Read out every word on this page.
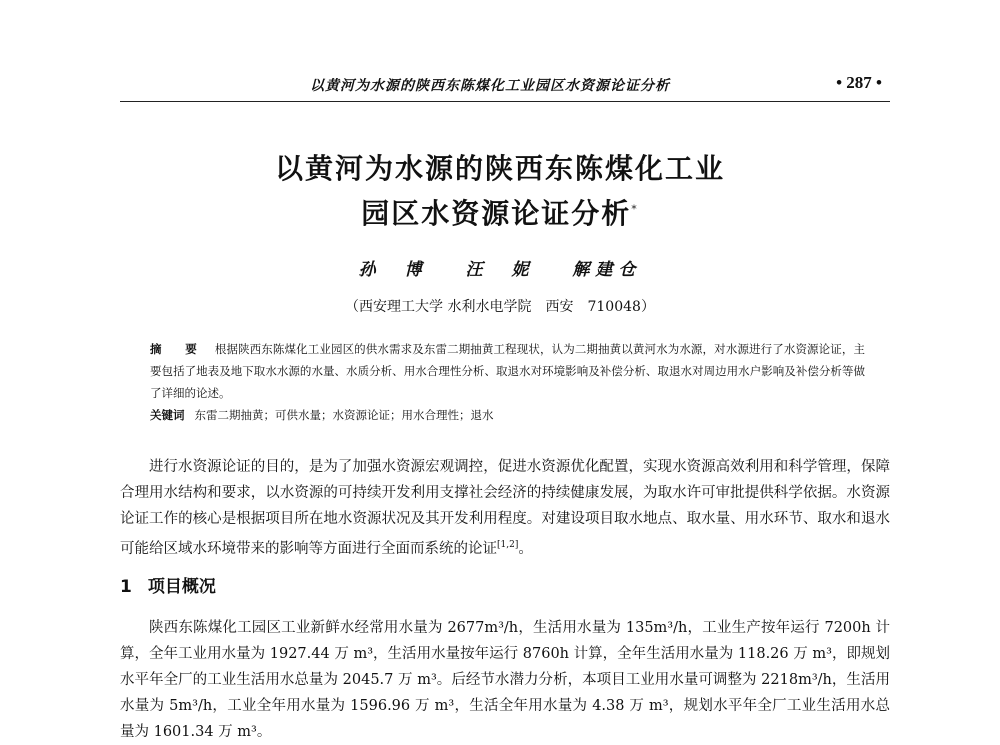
以黄河为水源的陕西东陈煤化工业园区水资源论证分析	• 287 •
以黄河为水源的陕西东陈煤化工业
园区水资源论证分析*
孙　博 汪　妮 解建仓
（西安理工大学 水利水电学院　西安　710048）
摘　要 根据陕西东陈煤化工业园区的供水需求及东雷二期抽黄工程现状，认为二期抽黄以黄河水为水源，对水源进行了水资源论证，主要包括了地表及地下取水水源的水量、水质分析、用水合理性分析、取退水对环境影响及补偿分析、取退水对周边用水户影响及补偿分析等做了详细的论述。
关键词 东雷二期抽黄；可供水量；水资源论证；用水合理性；退水
进行水资源论证的目的，是为了加强水资源宏观调控，促进水资源优化配置，实现水资源高效利用和科学管理，保障合理用水结构和要求，以水资源的可持续开发利用支撑社会经济的持续健康发展，为取水许可审批提供科学依据。水资源论证工作的核心是根据项目所在地水资源状况及其开发利用程度。对建设项目取水地点、取水量、用水环节、取水和退水可能给区域水环境带来的影响等方面进行全面而系统的论证[1,2]。
1 项目概况
陕西东陈煤化工园区工业新鲜水经常用水量为 2677m³/h，生活用水量为 135m³/h，工业生产按年运行 7200h 计算，全年工业用水量为 1927.44 万 m³，生活用水量按年运行 8760h 计算，全年生活用水量为 118.26 万 m³，即规划水平年全厂的工业生活用水总量为 2045.7 万 m³。后经节水潜力分析，本项目工业用水量可调整为 2218m³/h，生活用水量为 5m³/h，工业全年用水量为 1596.96 万 m³，生活全年用水量为 4.38 万 m³，规划水平年全厂工业生活用水总量为 1601.34 万 m³。
